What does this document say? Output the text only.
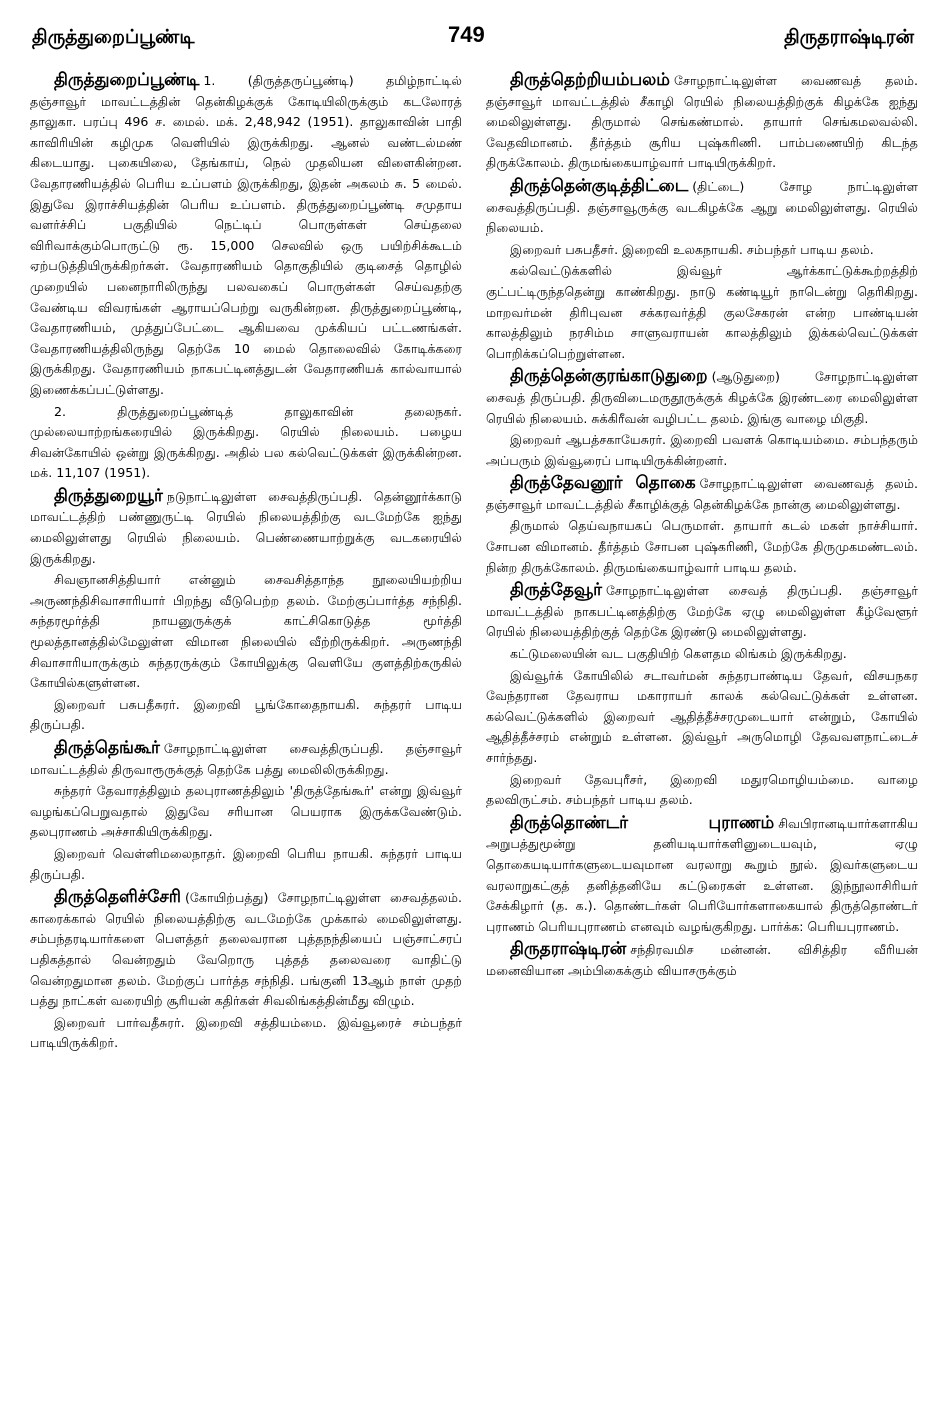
திருத்துறைப்பூண்டி	749	திருதராஷ்டிரன்

திருத்துறைப்பூண்டி 1. (திருத்தருப்பூண்டி) தமிழ்நாட்டில் தஞ்சாவூர் மாவட்டத்தின் தென்கிழக்குக் கோடியிலிருக்கும் கடலோரத் தாலுகா. பரப்பு 496 ச. மைல். மக். 2,48,942 (1951). தாலுகாவின் பாதி காவிரியின் கழிமுக வெளியில் இருக்கிறது. ஆனல் வண்டல்மண் கிடையாது. புகையிலை, தேங்காய், நெல் முதலியன விளைகின்றன. வேதாரணியத்தில் பெரிய உப்பளம் இருக்கிறது, இதன் அகலம் சு. 5 மைல். இதுவே இராச்சியத்தின் பெரிய உப்பளம். திருத்துறைப்பூண்டி சமுதாய வளர்ச்சிப் பகுதியில் நெட்டிப் பொருள்கள் செய்தலை விரிவாக்கும்பொருட்டு ரூ. 15,000 செலவில் ஒரு பயிற்சிக்கூடம் ஏற்படுத்தியிருக்கிறர்கள். வேதாரணியம் தொகுதியில் குடிசைத் தொழில் முறையில் பனைநாரிலிருந்து பலவகைப் பொருள்கள் செய்வதற்கு வேண்டிய விவரங்கள் ஆராயப்பெற்று வருகின்றன. திருத்துறைப்பூண்டி, வேதாரணியம், முத்துப்பேட்டை ஆகியவை முக்கியப் பட்டணங்கள். வேதாரணியத்திலிருந்து தெற்கே 10 மைல் தொலைவில் கோடிக்கரை இருக்கிறது. வேதாரணியம் நாகபட்டினத்துடன் வேதாரணியக் கால்வாயால் இணைக்கப்பட்டுள்ளது.

2. திருத்துறைப்பூண்டித் தாலுகாவின் தலைநகர். முல்லையாற்றங்கரையில் இருக்கிறது. ரெயில் நிலையம். பழைய சிவன்கோயில் ஒன்று இருக்கிறது. அதில் பல கல்வெட்டுக்கள் இருக்கின்றன. மக். 11,107 (1951).

திருத்துறையூர் நடுநாட்டிலுள்ள சைவத்திருப்பதி. தென்னூர்க்காடு மாவட்டத்திற் பண்ணுருட்டி ரெயில் நிலையத்திற்கு வடமேற்கே ஐந்து மைலிலுள்ளது ரெயில் நிலையம். பெண்ணையாற்றுக்கு வடகரையில் இருக்கிறது.

சிவஞானசித்தியார் என்னும் சைவசித்தாந்த நூலையியற்றிய அருணந்திசிவாசாரியார் பிறந்து வீடுபெற்ற தலம். மேற்குப்பார்த்த சந்நிதி. சுந்தரமூர்த்தி நாயனுருக்குக் காட்சிகொடுத்த மூர்த்தி மூலத்தானத்தில்மேலுள்ள விமான நிலையில் வீற்றிருக்கிறர். அருணந்தி சிவாசாரியாருக்கும் சுந்தரருக்கும் கோயிலுக்கு வெளியே குளத்திற்கருகில் கோயில்களுள்ளன.

இறைவர் பசுபதீசுரர். இறைவி பூங்கோதைநாயகி. சுந்தரர் பாடிய திருப்பதி.

திருத்தெங்கூர் சோழநாட்டிலுள்ள சைவத்திருப்பதி. தஞ்சாவூர் மாவட்டத்தில் திருவாரூருக்குத் தெற்கே பத்து மைலிலிருக்கிறது.

சுந்தரர் தேவாரத்திலும் தலபுராணத்திலும் 'திருத்தேங்கூர்' என்று இவ்வூர் வழங்கப்பெறுவதால் இதுவே சரியான பெயராக இருக்கவேண்டும். தலபுராணம் அச்சாகியிருக்கிறது.

இறைவர் வெள்ளிமலைநாதர். இறைவி பெரிய நாயகி. சுந்தரர் பாடிய திருப்பதி.

திருத்தெளிச்சேரி (கோயிற்பத்து) சோழநாட்டிலுள்ள சைவத்தலம். காரைக்கால் ரெயில் நிலையத்திற்கு வடமேற்கே முக்கால் மைலிலுள்ளது. சம்பந்தரடியார்களை பௌத்தர் தலைவரான புத்தநந்தியைப் பஞ்சாட்சரப் பதிகத்தால் வென்றதும் வேறொரு புத்தத் தலைவரை வாதிட்டு வென்றதுமான தலம். மேற்குப் பார்த்த சந்நிதி. பங்குனி 13ஆம் நாள் முதற் பத்து நாட்கள் வரையிற் சூரியன் கதிர்கள் சிவலிங்கத்தின்மீது விழும்.

இறைவர் பார்வதீசுரர். இறைவி சத்தியம்மை. இவ்வூரைச் சம்பந்தர் பாடியிருக்கிறர்.

திருத்தெற்றியம்பலம் சோழநாட்டிலுள்ள வைணவத் தலம். தஞ்சாவூர் மாவட்டத்தில் சீகாழி ரெயில் நிலையத்திற்குக் கிழக்கே ஐந்து மைலிலுள்ளது. திருமால் செங்கண்மால். தாயார் செங்கமலவல்லி. வேதவிமானம். தீர்த்தம் சூரிய புஷ்கரிணி. பாம்பணையிற் கிடந்த திருக்கோலம். திருமங்கையாழ்வார் பாடியிருக்கிறர்.

திருத்தென்குடித்திட்டை (திட்டை) சோழ நாட்டிலுள்ள சைவத்திருப்பதி. தஞ்சாவூருக்கு வடகிழக்கே ஆறு மைலிலுள்ளது. ரெயில் நிலையம்.

இறைவர் பசுபதீசர். இறைவி உலகநாயகி. சம்பந்தர் பாடிய தலம்.

கல்வெட்டுக்களில் இவ்வூர் ஆர்க்காட்டுக்கூற்றத்திற் குட்பட்டிருந்ததென்று காண்கிறது. நாடு கண்டியூர் நாடென்று தெரிகிறது. மாறவர்மன் திரிபுவன சக்கரவர்த்தி குலசேகரன் என்ற பாண்டியன் காலத்திலும் நரசிம்ம சாளுவராயன் காலத்திலும் இக்கல்வெட்டுக்கள் பொறிக்கப்பெற்றுள்ளன.

திருத்தென்குரங்காடுதுறை (ஆடுதுறை) சோழநாட்டிலுள்ள சைவத் திருப்பதி. திருவிடைமருதூருக்குக் கிழக்கே இரண்டரை மைலிலுள்ள ரெயில் நிலையம். சுக்கிரீவன் வழிபட்ட தலம். இங்கு வாழை மிகுதி.

இறைவர் ஆபத்சகாயேசுரர். இறைவி பவளக் கொடியம்மை. சம்பந்தரும் அப்பரும் இவ்வூரைப் பாடியிருக்கின்றனர்.

திருத்தேவனூர் தொகை சோழநாட்டிலுள்ள வைணவத் தலம். தஞ்சாவூர் மாவட்டத்தில் சீகாழிக்குத் தென்கிழக்கே நான்கு மைலிலுள்ளது.

திருமால் தெய்வநாயகப் பெருமாள். தாயார் கடல் மகள் நாச்சியார். சோபன விமானம். தீர்த்தம் சோபன புஷ்கரிணி, மேற்கே திருமுகமண்டலம். நின்ற திருக்கோலம். திருமங்கையாழ்வார் பாடிய தலம்.

திருத்தேவூர் சோழநாட்டிலுள்ள சைவத் திருப்பதி. தஞ்சாவூர் மாவட்டத்தில் நாகபட்டினத்திற்கு மேற்கே ஏழு மைலிலுள்ள கீழ்வேளூர் ரெயில் நிலையத்திற்குத் தெற்கே இரண்டு மைலிலுள்ளது.

கட்டுமலையின் வட பகுதியிற் கௌதம லிங்கம் இருக்கிறது.

இவ்வூர்க் கோயிலில் சடாவர்மன் சுந்தரபாண்டிய தேவர், விசயநகர வேந்தரான தேவராய மகாராயர் காலக் கல்வெட்டுக்கள் உள்ளன. கல்வெட்டுக்களில் இறைவர் ஆதித்தீச்சரமுடையார் என்றும், கோயில் ஆதித்தீச்சரம் என்றும் உள்ளன. இவ்வூர் அருமொழி தேவவளநாட்டைச் சார்ந்தது.

இறைவர் தேவபுரீசர், இறைவி மதுரமொழியம்மை. வாழை தலவிருட்சம். சம்பந்தர் பாடிய தலம்.

திருத்தொண்டர் புராணம் சிவபிரானடியார்களாகிய அறுபத்துமூன்று தனியடியார்களினுடையவும், ஏழு தொகையடியார்களுடையவுமான வரலாறு கூறும் நூல். இவர்களுடைய வரலாறுகட்குத் தனித்தனியே கட்டுரைகள் உள்ளன. இந்நூலாசிரியர் சேக்கிழார் (த. க.). தொண்டர்கள் பெரியோர்களாகையால் திருத்தொண்டர் புராணம் பெரியபுராணம் எனவும் வழங்குகிறது. பார்க்க: பெரியபுராணம்.

திருதராஷ்டிரன் சந்திரவமிச மன்னன். விசித்திர வீரியன் மனைவியான அம்பிகைக்கும் வியாசருக்கும்
